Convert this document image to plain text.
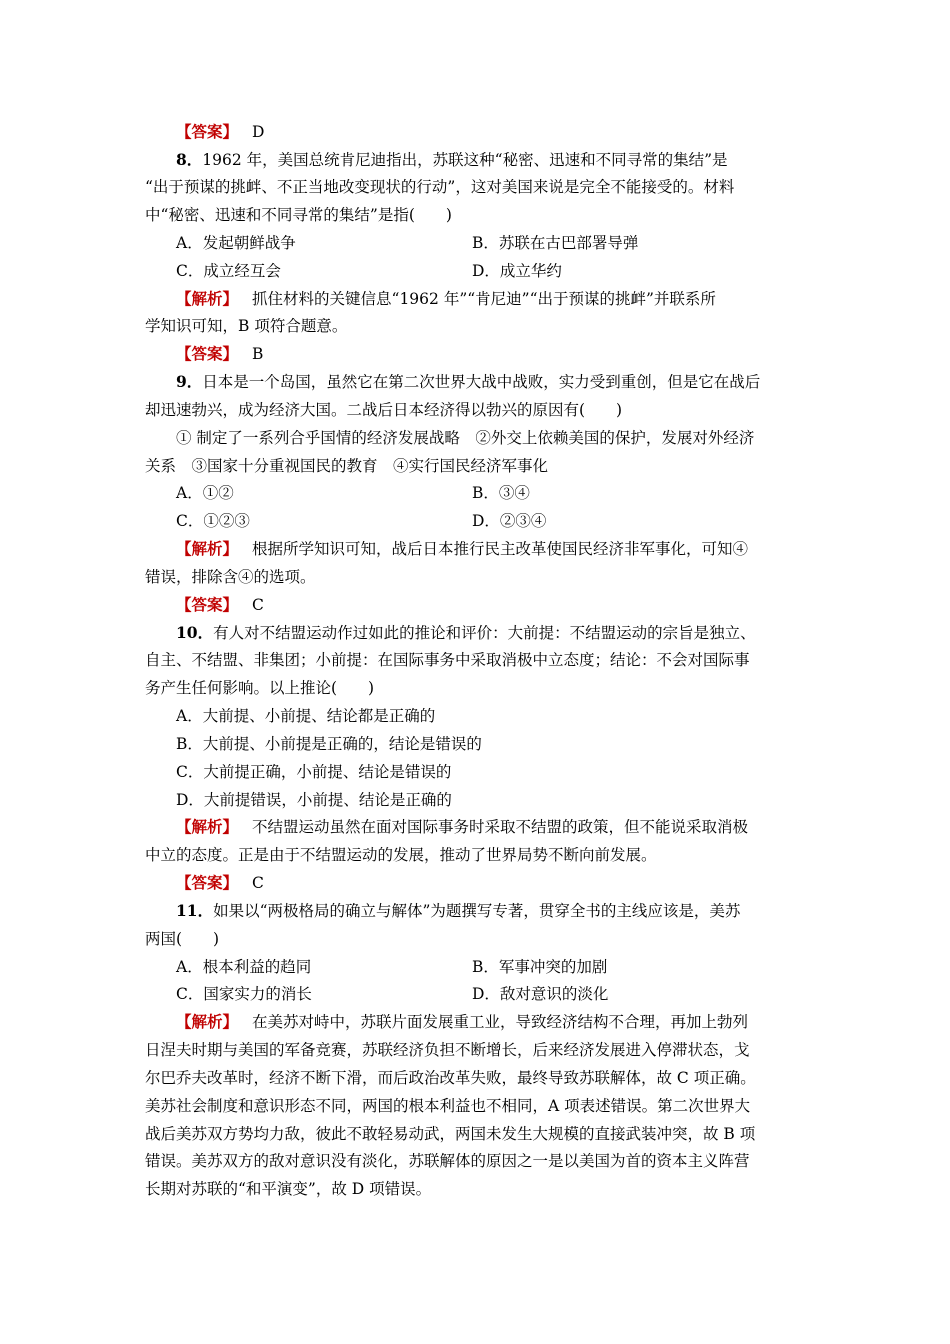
【答案】 D
8．1962 年，美国总统肯尼迪指出，苏联这种“秘密、迅速和不同寻常的集结”是
“出于预谋的挑衅、不正当地改变现状的行动”，这对美国来说是完全不能接受的。材料
中“秘密、迅速和不同寻常的集结”是指(　　)
A．发起朝鲜战争	B．苏联在古巴部署导弹
C．成立经互会	D．成立华约
【解析】 抓住材料的关键信息“1962 年”“肯尼迪”“出于预谋的挑衅”并联系所
学知识可知，B 项符合题意。
【答案】 B
9．日本是一个岛国，虽然它在第二次世界大战中战败，实力受到重创，但是它在战后
却迅速勃兴，成为经济大国。二战后日本经济得以勃兴的原因有(　　)
① 制定了一系列合乎国情的经济发展战略　②外交上依赖美国的保护，发展对外经济
关系　③国家十分重视国民的教育　④实行国民经济军事化
A．①②	B．③④
C．①②③	D．②③④
【解析】 根据所学知识可知，战后日本推行民主改革使国民经济非军事化，可知④
错误，排除含④的选项。
【答案】 C
10．有人对不结盟运动作过如此的推论和评价：大前提：不结盟运动的宗旨是独立、
自主、不结盟、非集团；小前提：在国际事务中采取消极中立态度；结论：不会对国际事
务产生任何影响。以上推论(　　)
A．大前提、小前提、结论都是正确的
B．大前提、小前提是正确的，结论是错误的
C．大前提正确，小前提、结论是错误的
D．大前提错误，小前提、结论是正确的
【解析】 不结盟运动虽然在面对国际事务时采取不结盟的政策，但不能说采取消极
中立的态度。正是由于不结盟运动的发展，推动了世界局势不断向前发展。
【答案】 C
11．如果以“两极格局的确立与解体”为题撰写专著，贯穿全书的主线应该是，美苏
两国(　　)
A．根本利益的趋同	B．军事冲突的加剧
C．国家实力的消长	D．敌对意识的淡化
【解析】 在美苏对峙中，苏联片面发展重工业，导致经济结构不合理，再加上勃列
日涅夫时期与美国的军备竞赛，苏联经济负担不断增长，后来经济发展进入停滞状态，戈
尔巴乔夫改革时，经济不断下滑，而后政治改革失败，最终导致苏联解体，故 C 项正确。
美苏社会制度和意识形态不同，两国的根本利益也不相同，A 项表述错误。第二次世界大
战后美苏双方势均力敌，彼此不敢轻易动武，两国未发生大规模的直接武装冲突，故 B 项
错误。美苏双方的敌对意识没有淡化，苏联解体的原因之一是以美国为首的资本主义阵营
长期对苏联的“和平演变”，故 D 项错误。
